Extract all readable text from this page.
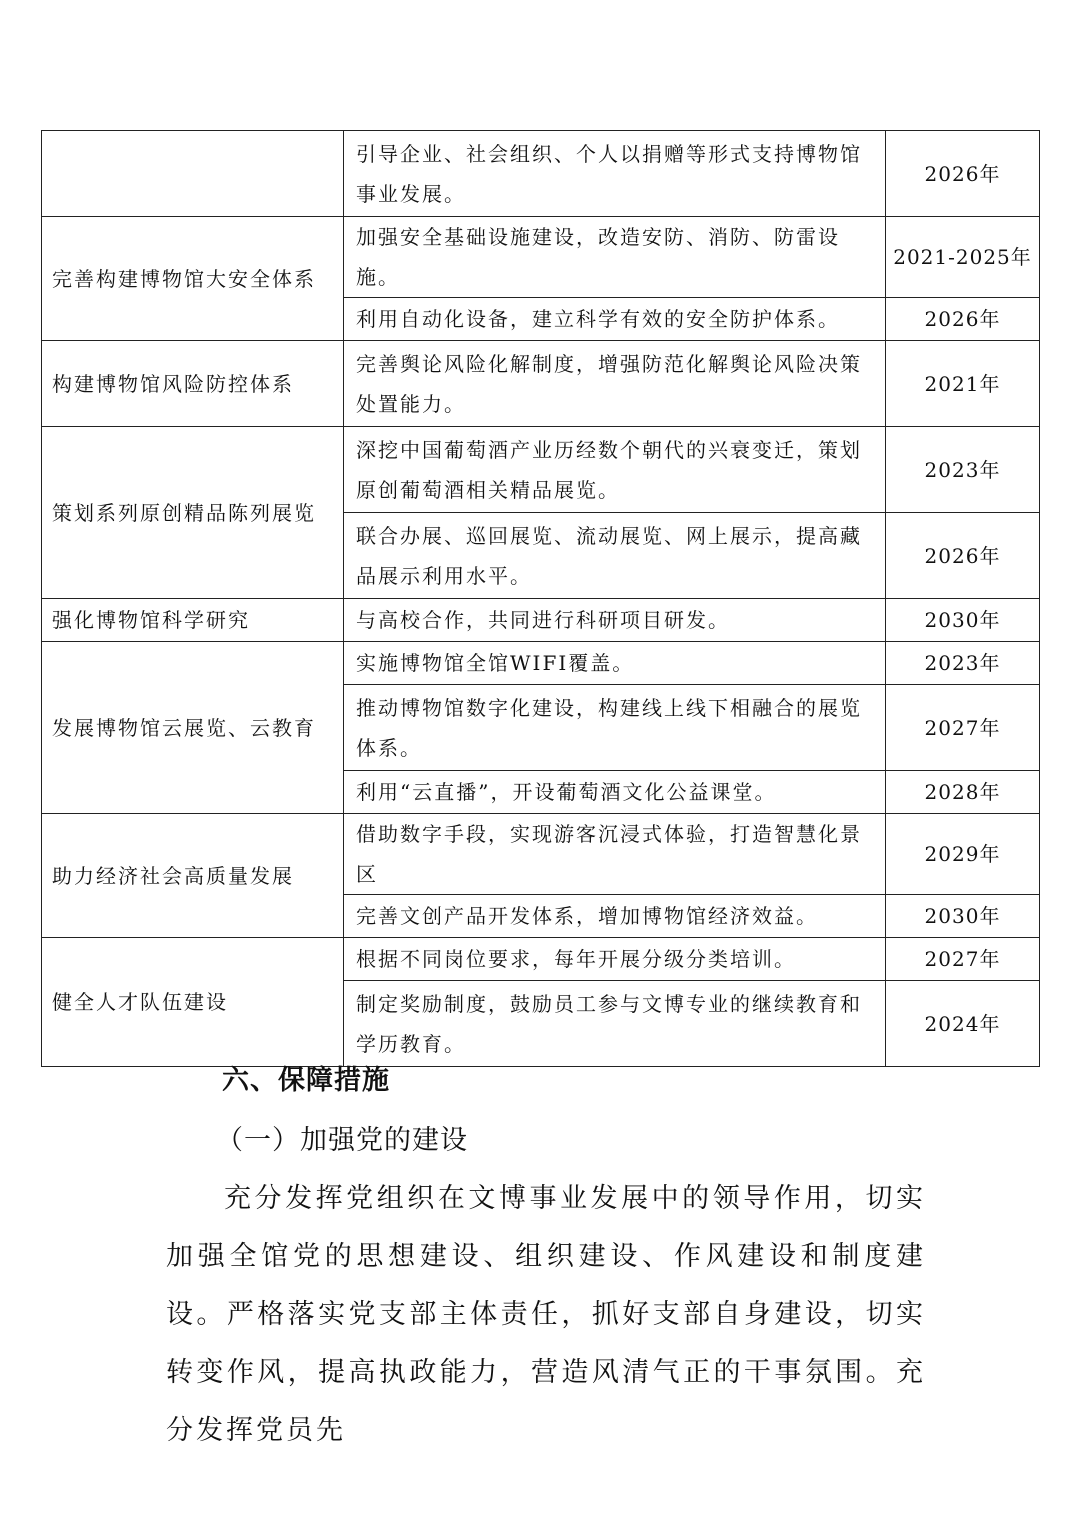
	引导企业、社会组织、个人以捐赠等形式支持博物馆事业发展。	2026年
完善构建博物馆大安全体系	加强安全基础设施建设，改造安防、消防、防雷设施。	2021-2025年
	利用自动化设备，建立科学有效的安全防护体系。	2026年
构建博物馆风险防控体系	完善舆论风险化解制度，增强防范化解舆论风险决策处置能力。	2021年
策划系列原创精品陈列展览	深挖中国葡萄酒产业历经数个朝代的兴衰变迁，策划原创葡萄酒相关精品展览。	2023年
	联合办展、巡回展览、流动展览、网上展示，提高藏品展示利用水平。	2026年
强化博物馆科学研究	与高校合作，共同进行科研项目研发。	2030年
发展博物馆云展览、云教育	实施博物馆全馆WIFI覆盖。	2023年
	推动博物馆数字化建设，构建线上线下相融合的展览体系。	2027年
	利用“云直播”，开设葡萄酒文化公益课堂。	2028年
助力经济社会高质量发展	借助数字手段，实现游客沉浸式体验，打造智慧化景区	2029年
	完善文创产品开发体系，增加博物馆经济效益。	2030年
健全人才队伍建设	根据不同岗位要求，每年开展分级分类培训。	2027年
	制定奖励制度，鼓励员工参与文博专业的继续教育和学历教育。	2024年
六、保障措施
（一）加强党的建设
充分发挥党组织在文博事业发展中的领导作用，切实加强全馆党的思想建设、组织建设、作风建设和制度建设。严格落实党支部主体责任，抓好支部自身建设，切实转变作风，提高执政能力，营造风清气正的干事氛围。充分发挥党员先
